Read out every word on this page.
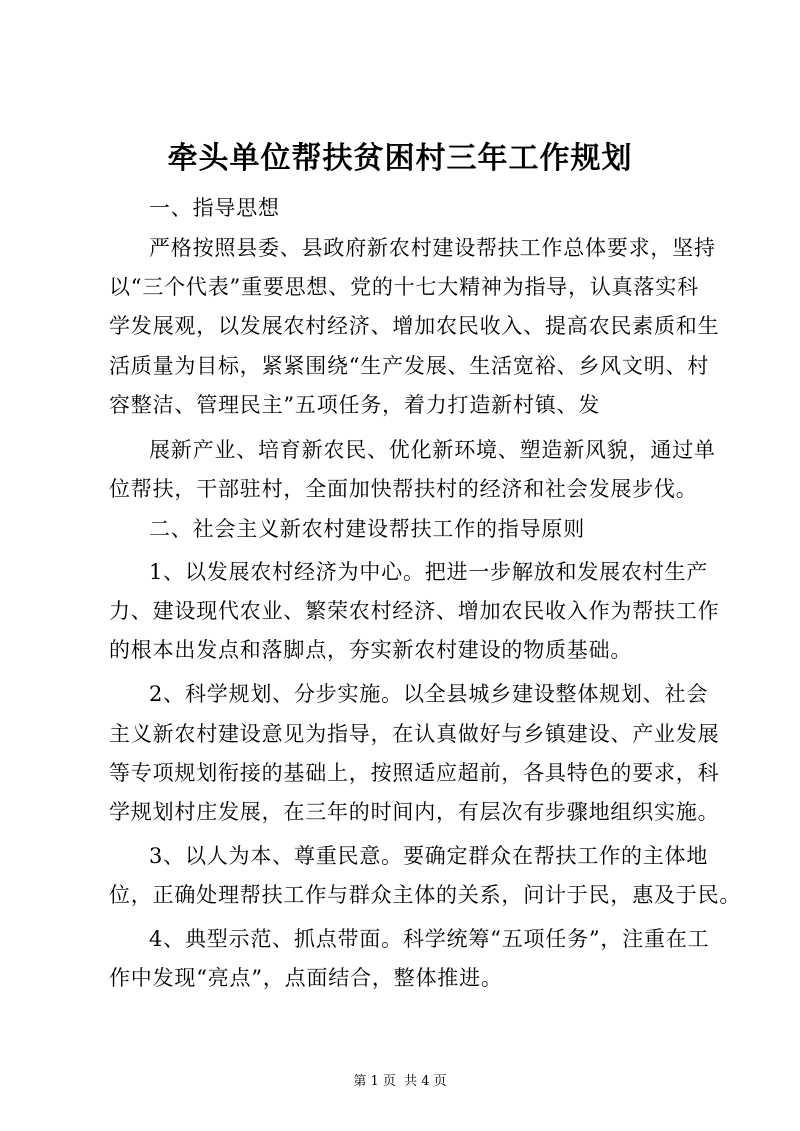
牵头单位帮扶贫困村三年工作规划
一、指导思想
严格按照县委、县政府新农村建设帮扶工作总体要求，坚持
以“三个代表”重要思想、党的十七大精神为指导，认真落实科
学发展观，以发展农村经济、增加农民收入、提高农民素质和生
活质量为目标，紧紧围绕“生产发展、生活宽裕、乡风文明、村
容整洁、管理民主”五项任务，着力打造新村镇、发
展新产业、培育新农民、优化新环境、塑造新风貌，通过单
位帮扶，干部驻村，全面加快帮扶村的经济和社会发展步伐。
二、社会主义新农村建设帮扶工作的指导原则
1、以发展农村经济为中心。把进一步解放和发展农村生产
力、建设现代农业、繁荣农村经济、增加农民收入作为帮扶工作
的根本出发点和落脚点，夯实新农村建设的物质基础。
2、科学规划、分步实施。以全县城乡建设整体规划、社会
主义新农村建设意见为指导，在认真做好与乡镇建设、产业发展
等专项规划衔接的基础上，按照适应超前，各具特色的要求，科
学规划村庄发展，在三年的时间内，有层次有步骤地组织实施。
3、以人为本、尊重民意。要确定群众在帮扶工作的主体地
位，正确处理帮扶工作与群众主体的关系，问计于民，惠及于民。
4、典型示范、抓点带面。科学统筹“五项任务”，注重在工
作中发现“亮点”，点面结合，整体推进。
第 1 页  共 4 页
